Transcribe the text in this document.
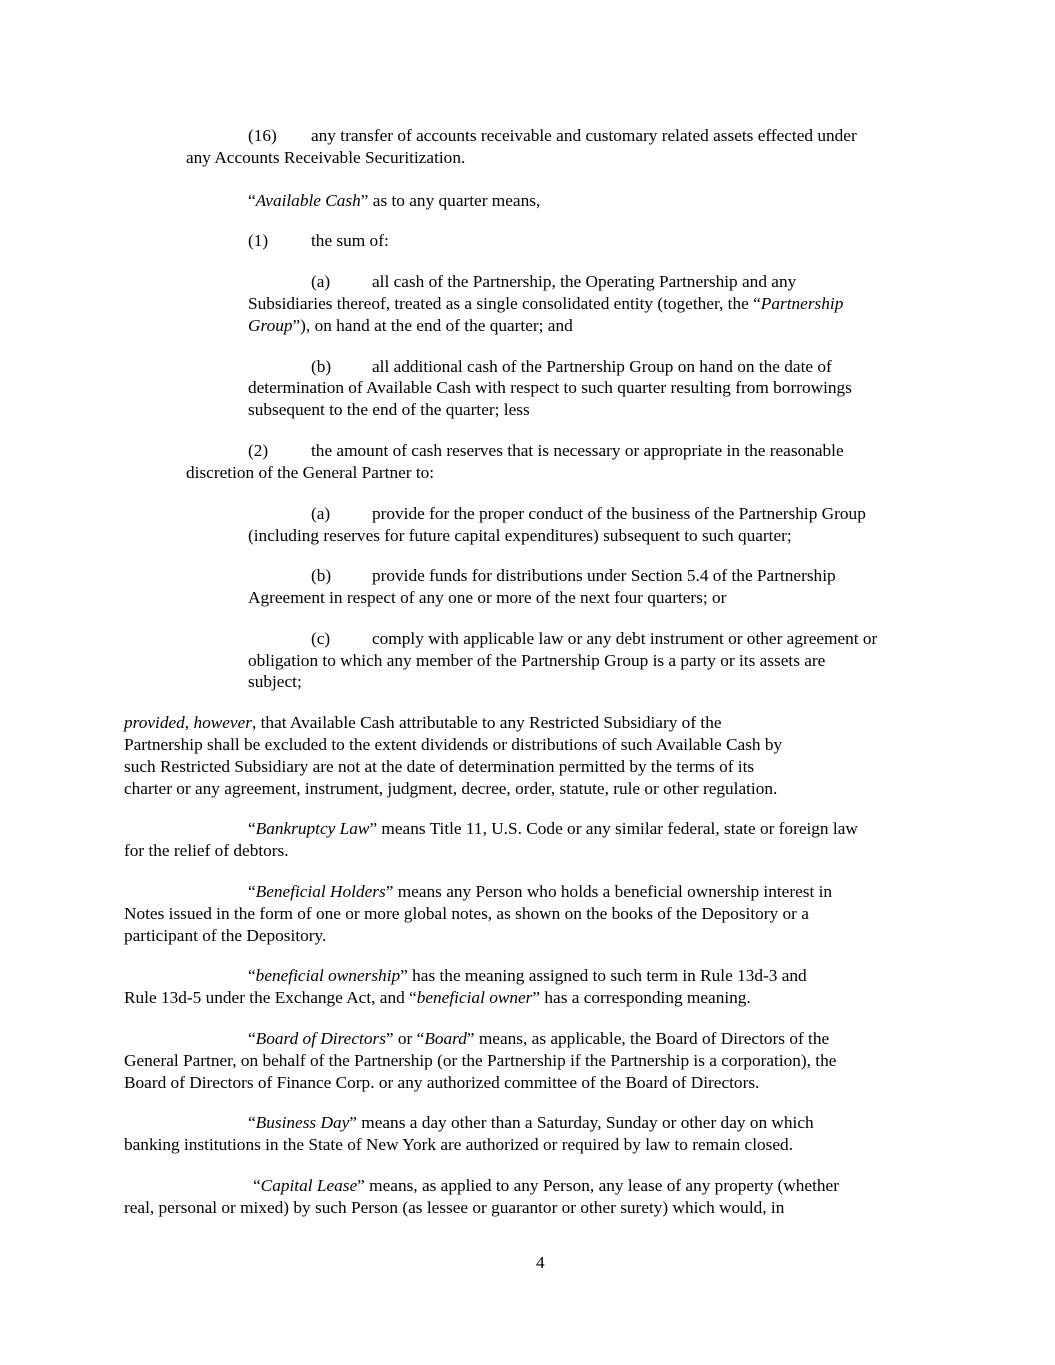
(16) any transfer of accounts receivable and customary related assets effected under
any Accounts Receivable Securitization.
“Available Cash” as to any quarter means,
(1) the sum of:
(a) all cash of the Partnership, the Operating Partnership and any
Subsidiaries thereof, treated as a single consolidated entity (together, the “Partnership
Group”), on hand at the end of the quarter; and
(b) all additional cash of the Partnership Group on hand on the date of
determination of Available Cash with respect to such quarter resulting from borrowings
subsequent to the end of the quarter; less
(2) the amount of cash reserves that is necessary or appropriate in the reasonable
discretion of the General Partner to:
(a) provide for the proper conduct of the business of the Partnership Group
(including reserves for future capital expenditures) subsequent to such quarter;
(b) provide funds for distributions under Section 5.4 of the Partnership
Agreement in respect of any one or more of the next four quarters; or
(c) comply with applicable law or any debt instrument or other agreement or
obligation to which any member of the Partnership Group is a party or its assets are
subject;
provided, however, that Available Cash attributable to any Restricted Subsidiary of the
Partnership shall be excluded to the extent dividends or distributions of such Available Cash by
such Restricted Subsidiary are not at the date of determination permitted by the terms of its
charter or any agreement, instrument, judgment, decree, order, statute, rule or other regulation.
“Bankruptcy Law” means Title 11, U.S. Code or any similar federal, state or foreign law
for the relief of debtors.
“Beneficial Holders” means any Person who holds a beneficial ownership interest in
Notes issued in the form of one or more global notes, as shown on the books of the Depository or a
participant of the Depository.
“beneficial ownership” has the meaning assigned to such term in Rule 13d-3 and
Rule 13d-5 under the Exchange Act, and “beneficial owner” has a corresponding meaning.
“Board of Directors” or “Board” means, as applicable, the Board of Directors of the
General Partner, on behalf of the Partnership (or the Partnership if the Partnership is a corporation), the
Board of Directors of Finance Corp. or any authorized committee of the Board of Directors.
“Business Day” means a day other than a Saturday, Sunday or other day on which
banking institutions in the State of New York are authorized or required by law to remain closed.
“Capital Lease” means, as applied to any Person, any lease of any property (whether
real, personal or mixed) by such Person (as lessee or guarantor or other surety) which would, in
4
